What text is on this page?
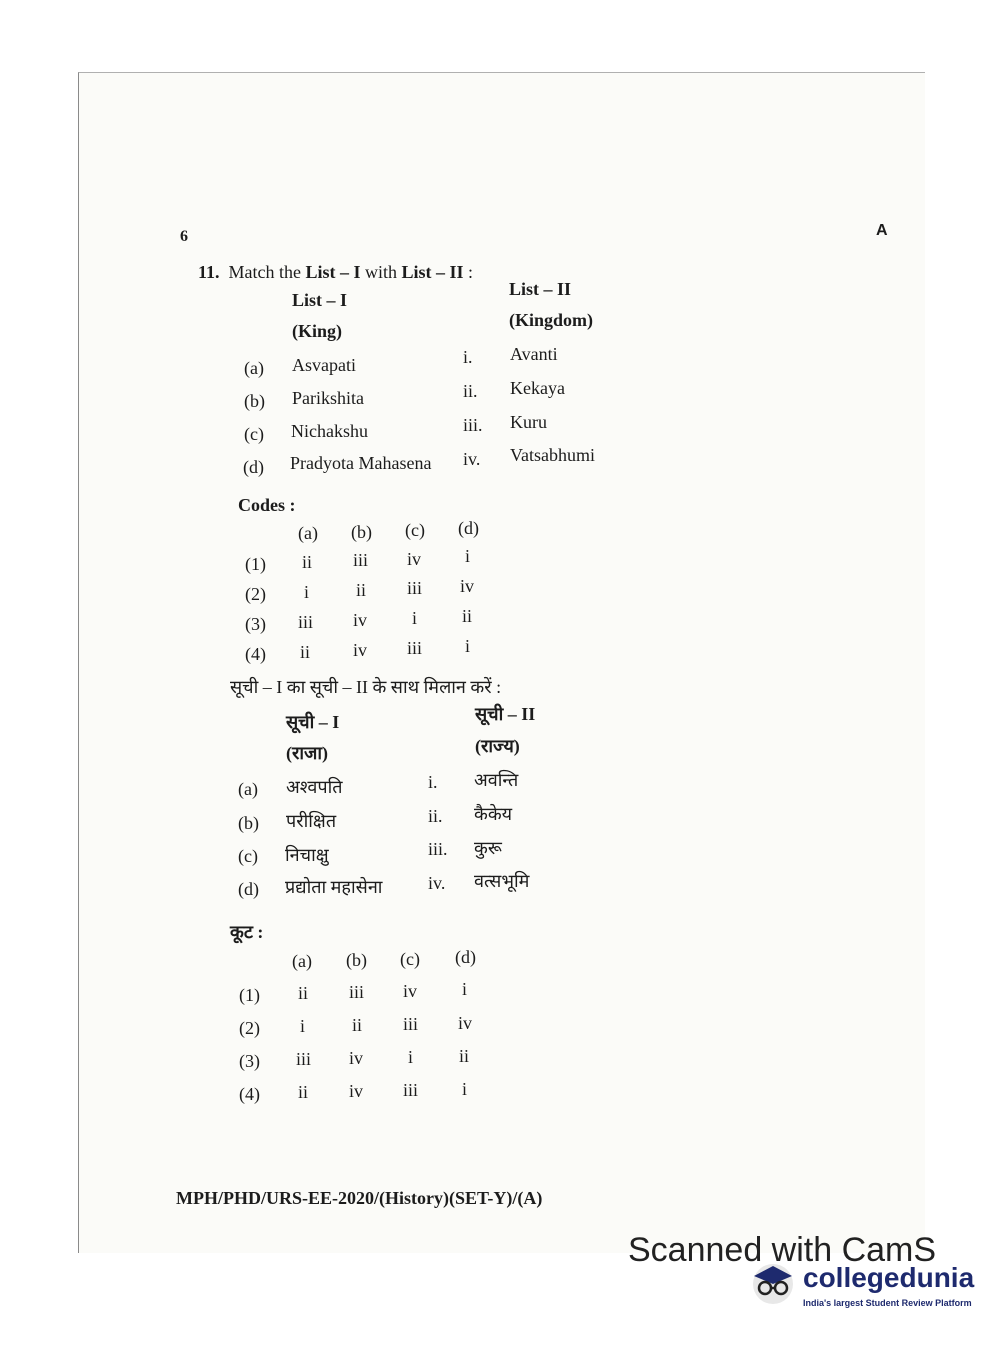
6	A
11. Match the List – I with List – II :
List – I
(King)
List – II
(Kingdom)
(a) Asvapati	i. Avanti
(b) Parikshita	ii. Kekaya
(c) Nichakshu	iii. Kuru
(d) Pradyota Mahasena iv. Vatsabhumi
Codes :
(a) (b) (c) (d)
(1) ii iii iv i
(2) i	ii iii iv
(3) iii iv i ii
(4) ii iv iii i
सूची – I का सूची – II के साथ मिलान करें :
सूची – I
(राजा)
सूची – II
(राज्य)
(a) अश्वपति	i. अवन्ति
(b) परीक्षित	ii. कैकेय
(c) निचाक्षु	iii. कुरू
(d) प्रद्योता महासेना	iv. वत्सभूमि
कूट :
(a) (b) (c) (d)
(1) ii iii iv i
(2) i	ii iii iv
(3) iii iv i	ii
(4) ii iv iii i
MPH/PHD/URS-EE-2020/(History)(SET-Y)/(A)
Scanned with CamS
collegedunia
India's largest Student Review Platform
